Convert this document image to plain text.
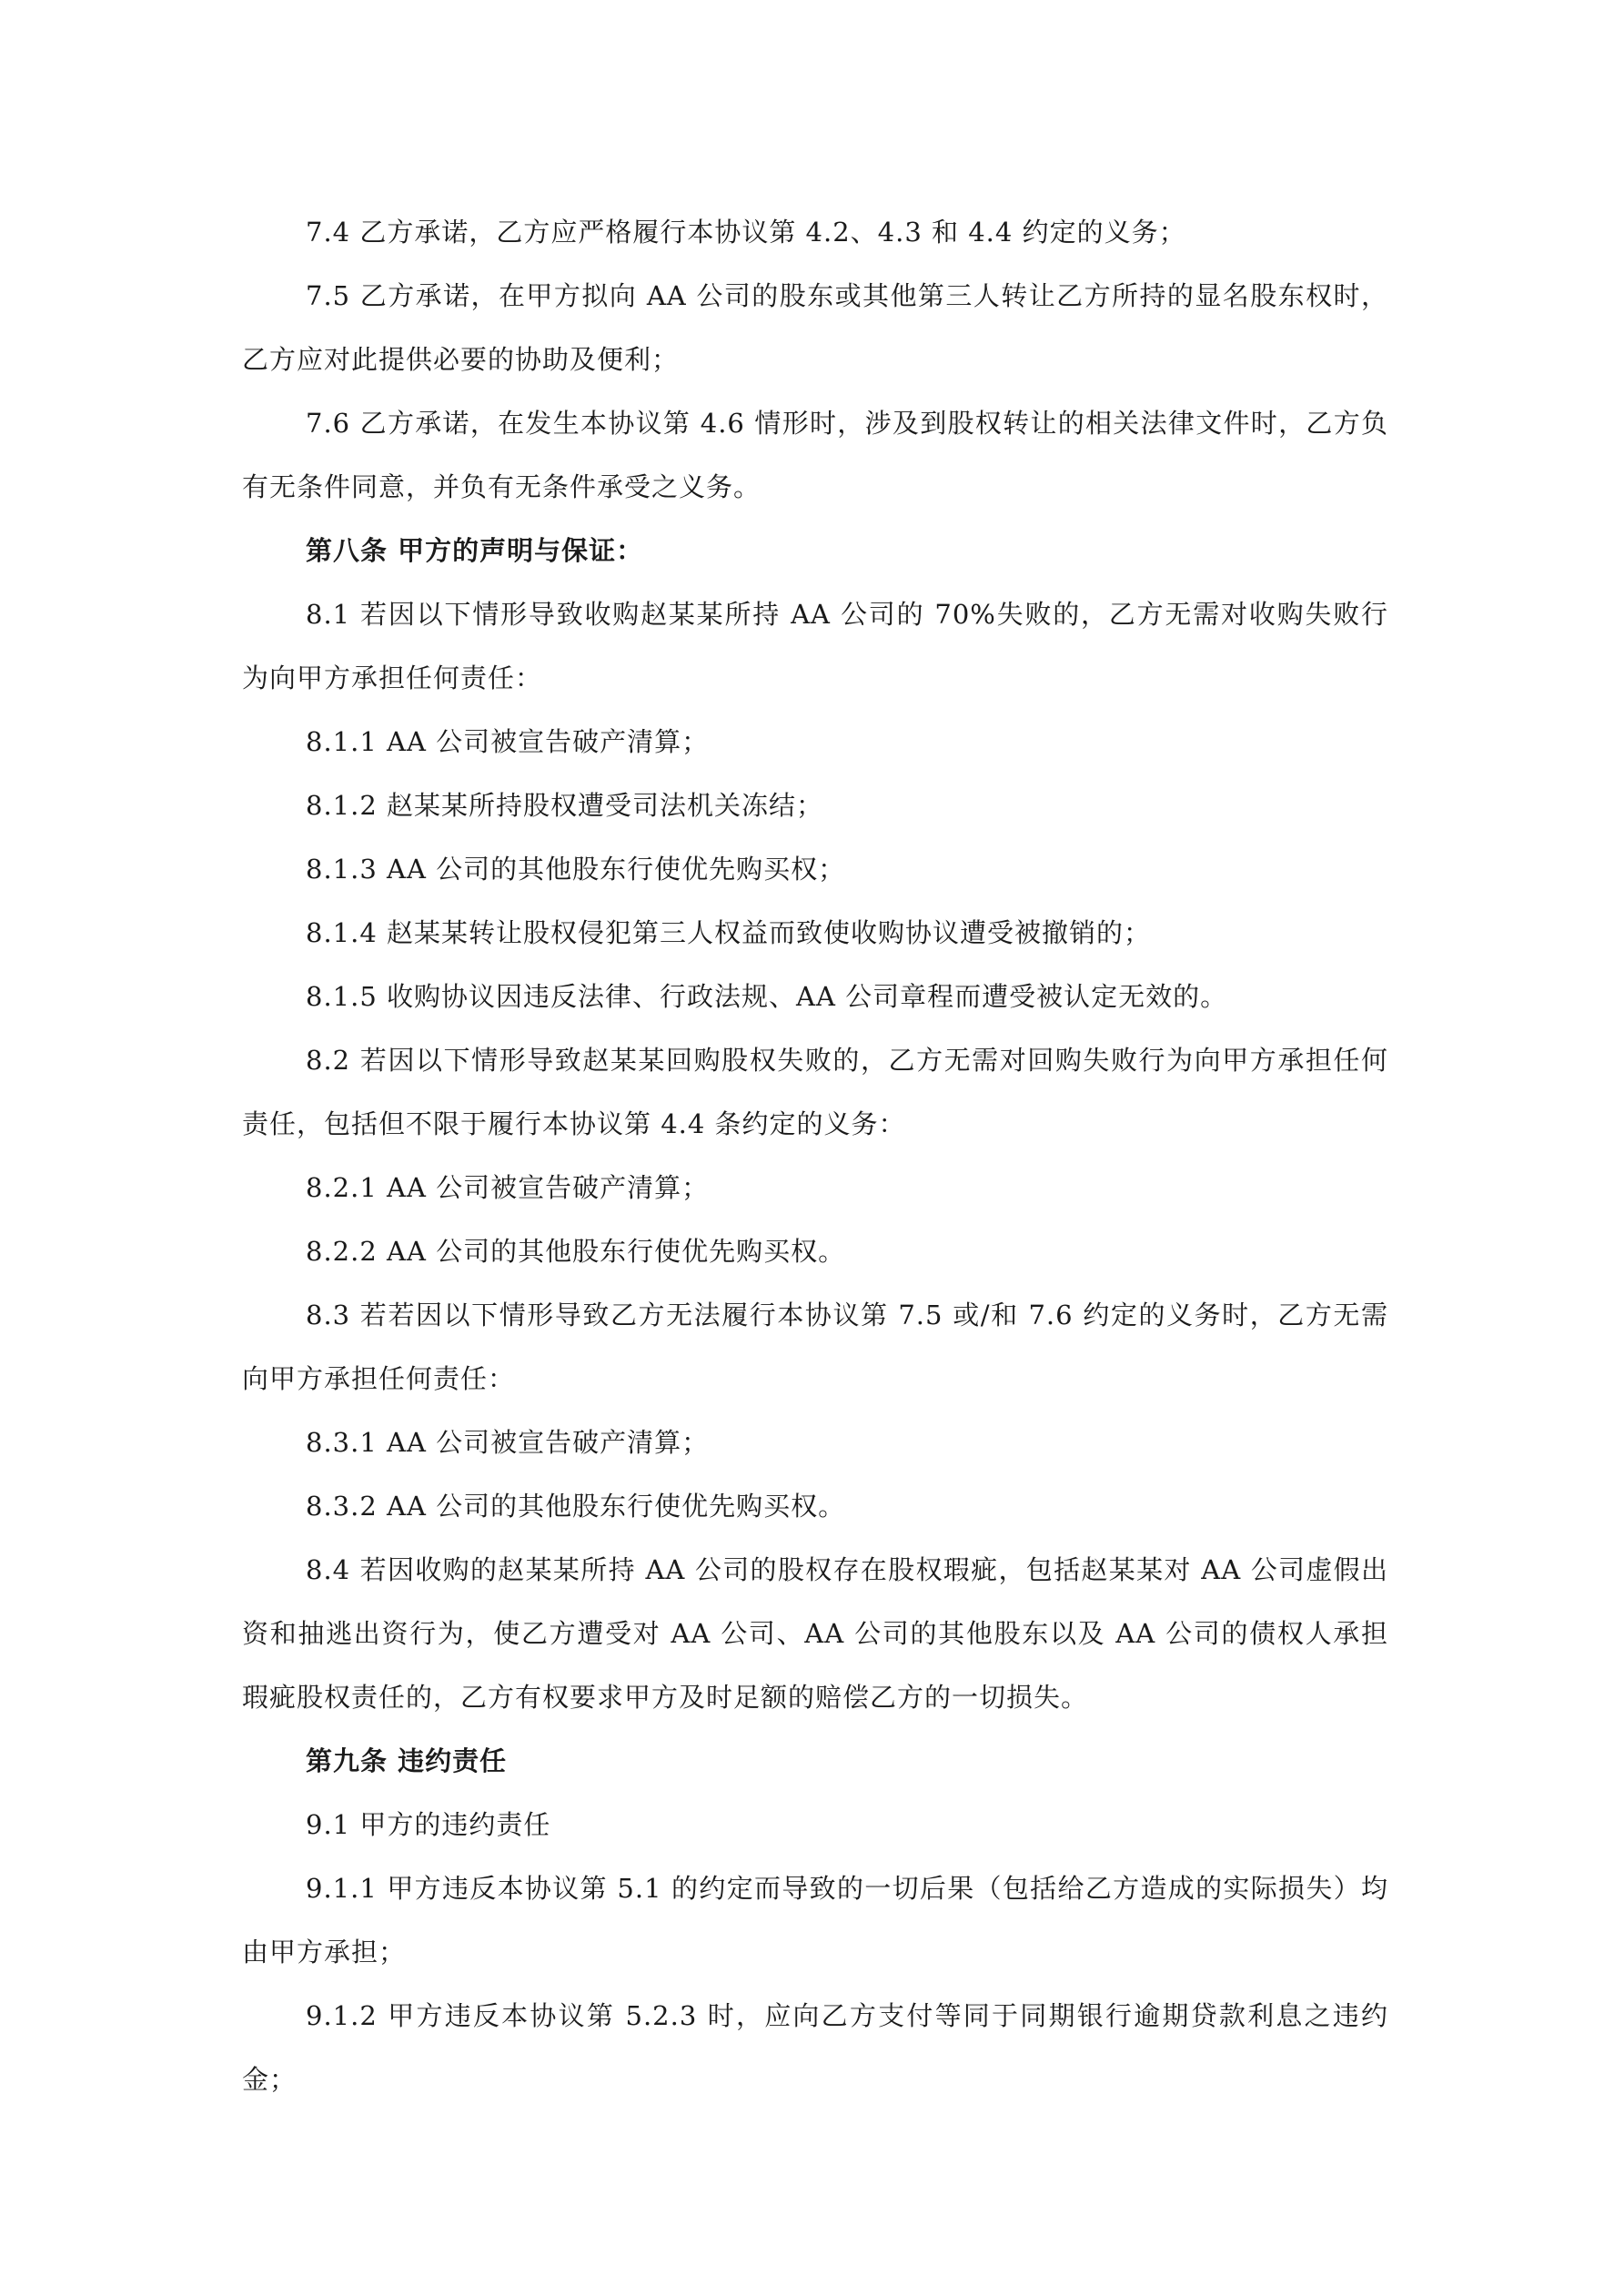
7.4 乙方承诺，乙方应严格履行本协议第 4.2、4.3 和 4.4 约定的义务；

7.5 乙方承诺，在甲方拟向 AA 公司的股东或其他第三人转让乙方所持的显名股东权时，乙方应对此提供必要的协助及便利；

7.6 乙方承诺，在发生本协议第 4.6 情形时，涉及到股权转让的相关法律文件时，乙方负有无条件同意，并负有无条件承受之义务。

第八条 甲方的声明与保证：

8.1 若因以下情形导致收购赵某某所持 AA 公司的 70%失败的，乙方无需对收购失败行为向甲方承担任何责任：

8.1.1 AA 公司被宣告破产清算；

8.1.2 赵某某所持股权遭受司法机关冻结；

8.1.3 AA 公司的其他股东行使优先购买权；

8.1.4 赵某某转让股权侵犯第三人权益而致使收购协议遭受被撤销的；

8.1.5 收购协议因违反法律、行政法规、AA 公司章程而遭受被认定无效的。

8.2 若因以下情形导致赵某某回购股权失败的，乙方无需对回购失败行为向甲方承担任何责任，包括但不限于履行本协议第 4.4 条约定的义务：

8.2.1 AA 公司被宣告破产清算；

8.2.2 AA 公司的其他股东行使优先购买权。

8.3 若若因以下情形导致乙方无法履行本协议第 7.5 或/和 7.6 约定的义务时，乙方无需向甲方承担任何责任：

8.3.1 AA 公司被宣告破产清算；

8.3.2 AA 公司的其他股东行使优先购买权。

8.4 若因收购的赵某某所持 AA 公司的股权存在股权瑕疵，包括赵某某对 AA 公司虚假出资和抽逃出资行为，使乙方遭受对 AA 公司、AA 公司的其他股东以及 AA 公司的债权人承担瑕疵股权责任的，乙方有权要求甲方及时足额的赔偿乙方的一切损失。

第九条 违约责任

9.1 甲方的违约责任

9.1.1 甲方违反本协议第 5.1 的约定而导致的一切后果（包括给乙方造成的实际损失）均由甲方承担；

9.1.2 甲方违反本协议第 5.2.3 时，应向乙方支付等同于同期银行逾期贷款利息之违约金；
